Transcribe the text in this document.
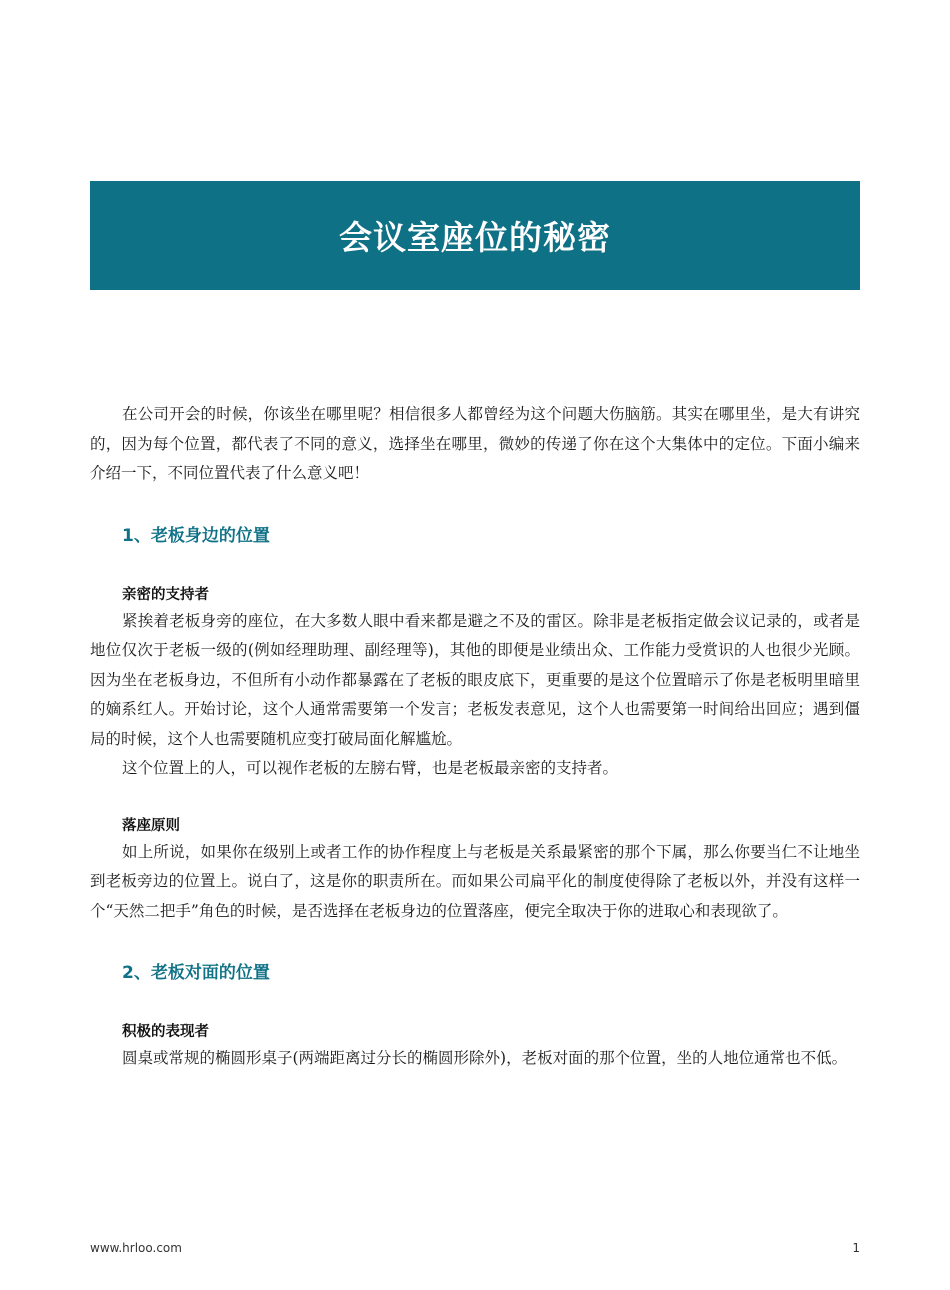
会议室座位的秘密

在公司开会的时候，你该坐在哪里呢？相信很多人都曾经为这个问题大伤脑筋。其实在哪里坐，是大有讲究的，因为每个位置，都代表了不同的意义，选择坐在哪里，微妙的传递了你在这个大集体中的定位。下面小编来介绍一下，不同位置代表了什么意义吧！

1、老板身边的位置
亲密的支持者

紧挨着老板身旁的座位，在大多数人眼中看来都是避之不及的雷区。除非是老板指定做会议记录的，或者是地位仅次于老板一级的(例如经理助理、副经理等)，其他的即便是业绩出众、工作能力受赏识的人也很少光顾。因为坐在老板身边，不但所有小动作都暴露在了老板的眼皮底下，更重要的是这个位置暗示了你是老板明里暗里的嫡系红人。开始讨论，这个人通常需要第一个发言；老板发表意见，这个人也需要第一时间给出回应；遇到僵局的时候，这个人也需要随机应变打破局面化解尴尬。

这个位置上的人，可以视作老板的左膀右臂，也是老板最亲密的支持者。

落座原则

如上所说，如果你在级别上或者工作的协作程度上与老板是关系最紧密的那个下属，那么你要当仁不让地坐到老板旁边的位置上。说白了，这是你的职责所在。而如果公司扁平化的制度使得除了老板以外，并没有这样一个“天然二把手”角色的时候，是否选择在老板身边的位置落座，便完全取决于你的进取心和表现欲了。

2、老板对面的位置
积极的表现者

圆桌或常规的椭圆形桌子(两端距离过分长的椭圆形除外)，老板对面的那个位置，坐的人地位通常也不低。

www.hrloo.com	1
